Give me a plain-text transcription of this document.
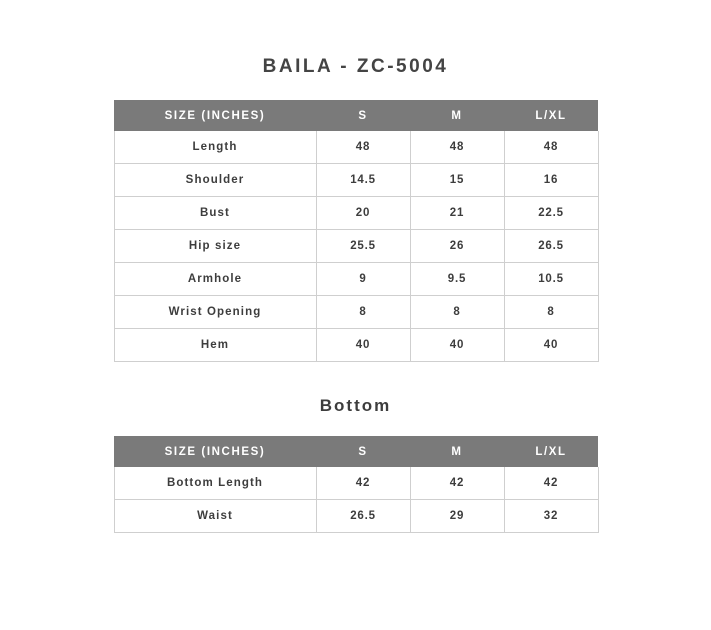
BAILA - ZC-5004
SIZE (INCHES)	S	M	L/XL
Length	48	48	48
Shoulder	14.5	15	16
Bust	20	21	22.5
Hip size	25.5	26	26.5
Armhole	9	9.5	10.5
Wrist Opening	8	8	8
Hem	40	40	40
Bottom
SIZE (INCHES)	S	M	L/XL
Bottom Length	42	42	42
Waist	26.5	29	32
